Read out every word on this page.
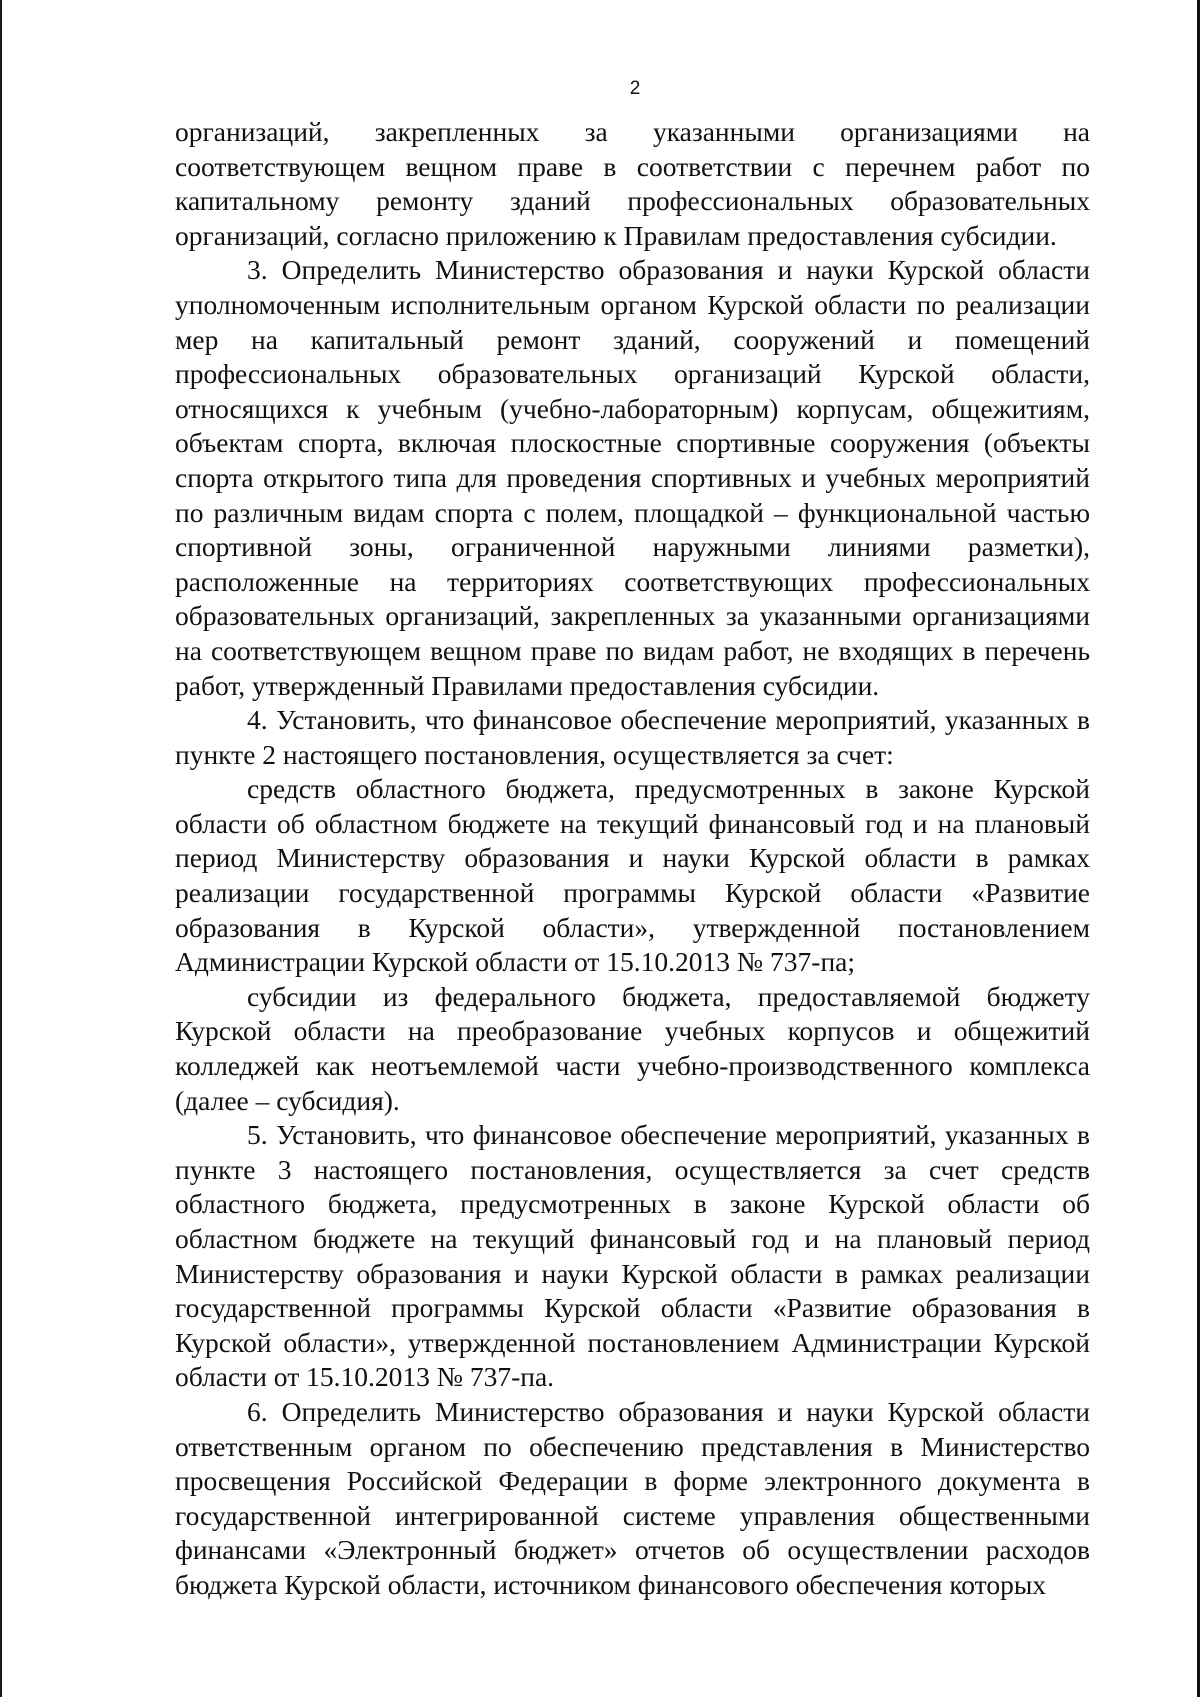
2

организаций, закрепленных за указанными организациями на соответствующем вещном праве в соответствии с перечнем работ по капитальному ремонту зданий профессиональных образовательных организаций, согласно приложению к Правилам предоставления субсидии.

3. Определить Министерство образования и науки Курской области уполномоченным исполнительным органом Курской области по реализации мер на капитальный ремонт зданий, сооружений и помещений профессиональных образовательных организаций Курской области, относящихся к учебным (учебно-лабораторным) корпусам, общежитиям, объектам спорта, включая плоскостные спортивные сооружения (объекты спорта открытого типа для проведения спортивных и учебных мероприятий по различным видам спорта с полем, площадкой – функциональной частью спортивной зоны, ограниченной наружными линиями разметки), расположенные на территориях соответствующих профессиональных образовательных организаций, закрепленных за указанными организациями на соответствующем вещном праве по видам работ, не входящих в перечень работ, утвержденный Правилами предоставления субсидии.

4. Установить, что финансовое обеспечение мероприятий, указанных в пункте 2 настоящего постановления, осуществляется за счет:

средств областного бюджета, предусмотренных в законе Курской области об областном бюджете на текущий финансовый год и на плановый период Министерству образования и науки Курской области в рамках реализации государственной программы Курской области «Развитие образования в Курской области», утвержденной постановлением Администрации Курской области от 15.10.2013 № 737-па;

субсидии из федерального бюджета, предоставляемой бюджету Курской области на преобразование учебных корпусов и общежитий колледжей как неотъемлемой части учебно-производственного комплекса (далее – субсидия).

5. Установить, что финансовое обеспечение мероприятий, указанных в пункте 3 настоящего постановления, осуществляется за счет средств областного бюджета, предусмотренных в законе Курской области об областном бюджете на текущий финансовый год и на плановый период Министерству образования и науки Курской области в рамках реализации государственной программы Курской области «Развитие образования в Курской области», утвержденной постановлением Администрации Курской области от 15.10.2013 № 737-па.

6. Определить Министерство образования и науки Курской области ответственным органом по обеспечению представления в Министерство просвещения Российской Федерации в форме электронного документа в государственной интегрированной системе управления общественными финансами «Электронный бюджет» отчетов об осуществлении расходов бюджета Курской области, источником финансового обеспечения которых
